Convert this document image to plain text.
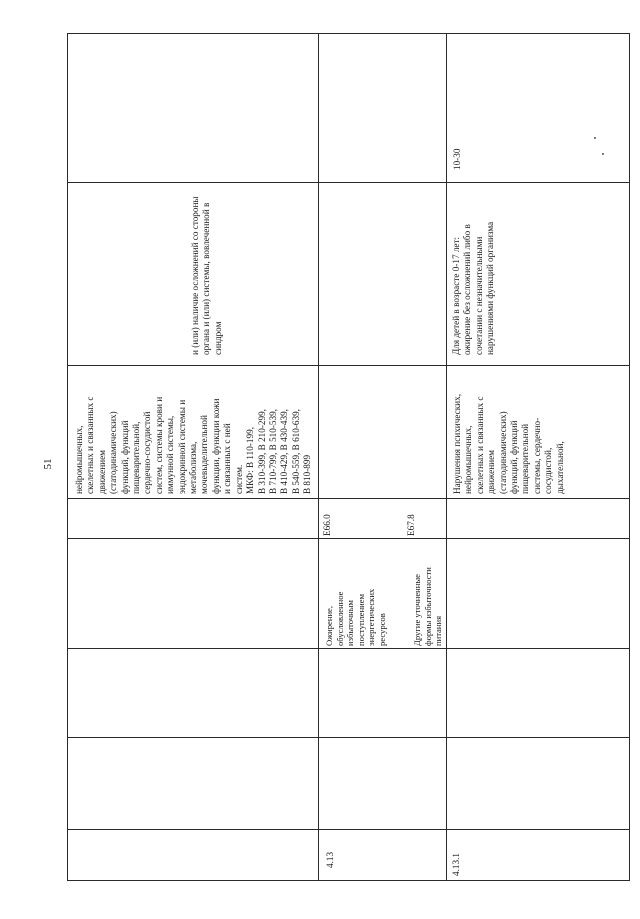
51 нейромышечных,
скелетных и связанных с
движением
(статодинамических)
функций, функций
пищеварительной,
сердечно-сосудистой
систем, системы крови и
иммунной системы,
эндокринной системы и
метаболизма,
мочевыделительной
функции, функции кожи
и связанных с ней
систем.
МКФ: В 110-199,
В 310-399, В 210-299,
В 710-799, В 510-539,
В 410-429, В 430-439,
В 540-559, В 610-639,
В 810-899
и (или) наличие осложнений со стороны
органа и (или) системы, вовлеченной в
синдром
4.13
Ожирение,
обусловленное
избыточным
поступлением
энергетических
ресурсов
Е66.0
Другие уточненные
формы избыточности
питания
Е67.8
4.13.1
Нарушения психических,
нейромышечных,
скелетных и связанных с
движением
(статодинамических)
функций, функций
пищеварительной
системы, сердечно-
сосудистой,
дыхательной,
Для детей в возрасте 0-17 лет:
ожирение без осложнений либо в
сочетании с незначительными
нарушениями функций организма
10-30
